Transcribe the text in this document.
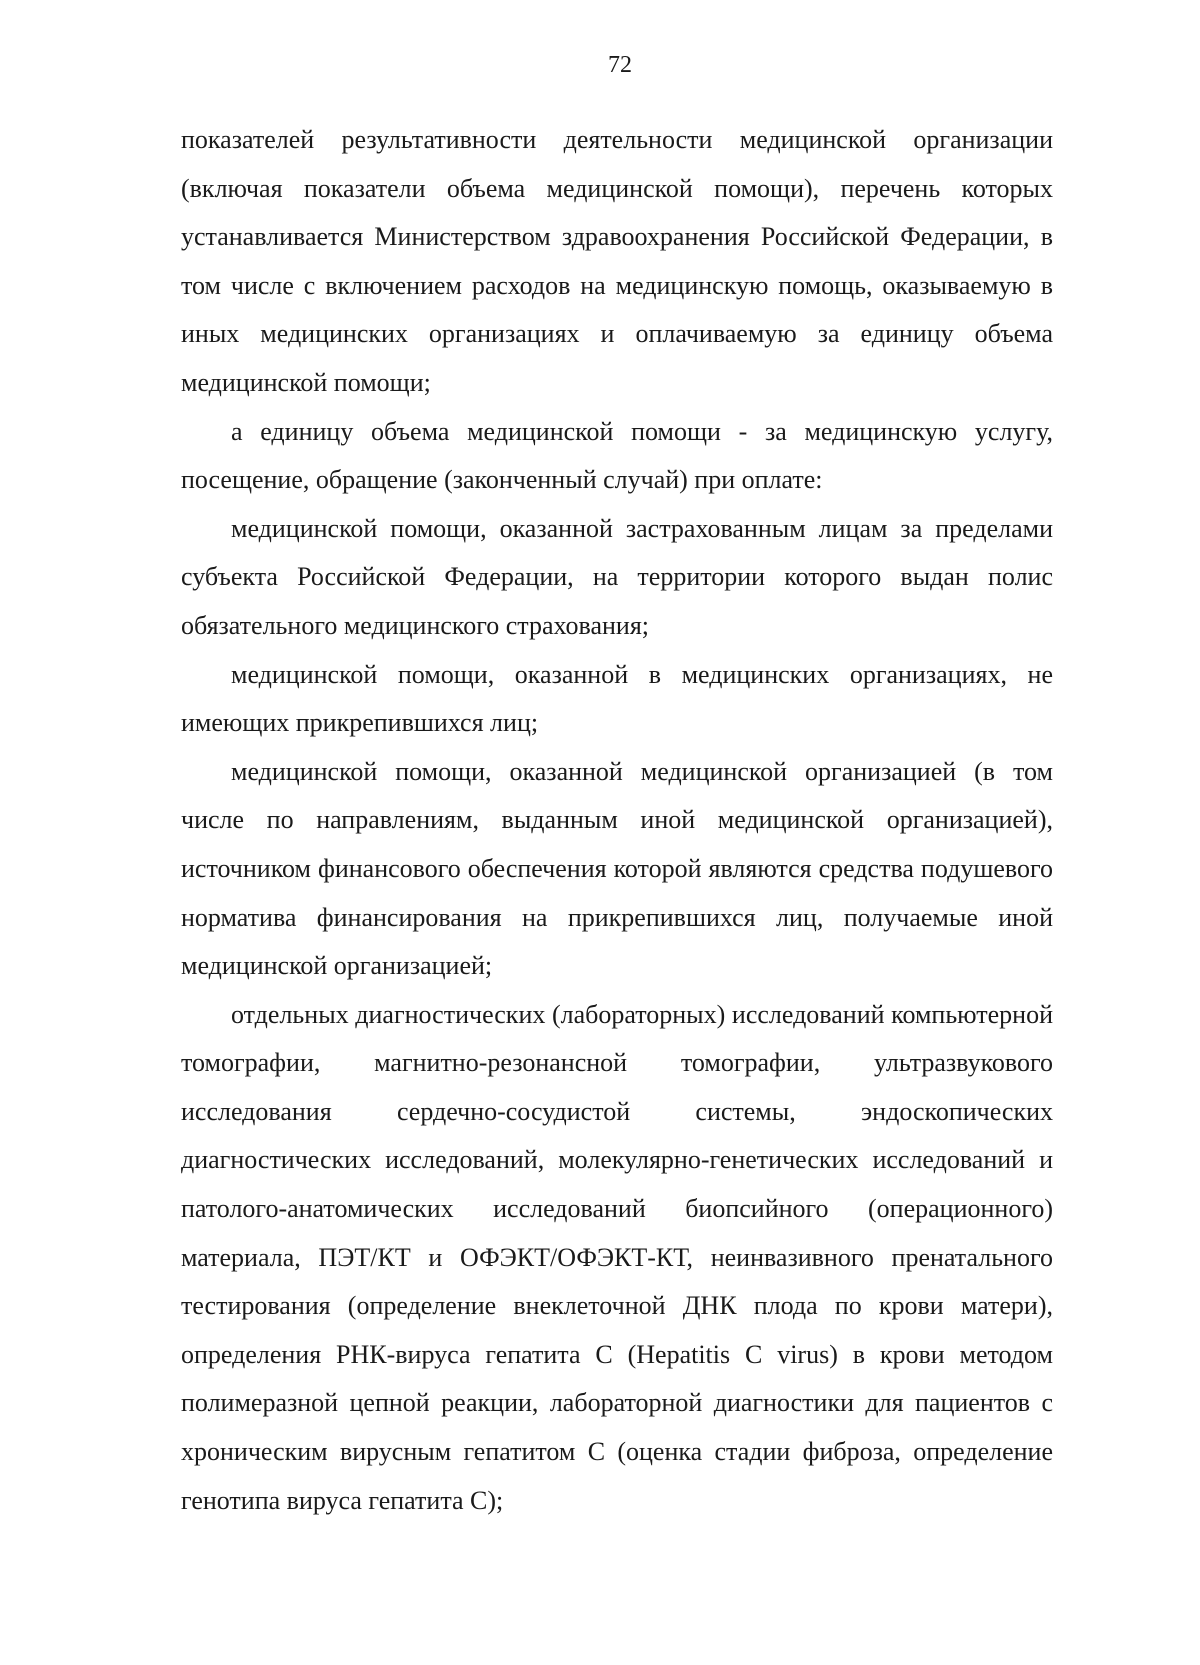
72

показателей результативности деятельности медицинской организации (включая показатели объема медицинской помощи), перечень которых устанавливается Министерством здравоохранения Российской Федерации, в том числе с включением расходов на медицинскую помощь, оказываемую в иных медицинских организациях и оплачиваемую за единицу объема медицинской помощи;

а единицу объема медицинской помощи - за медицинскую услугу, посещение, обращение (законченный случай) при оплате:

медицинской помощи, оказанной застрахованным лицам за пределами субъекта Российской Федерации, на территории которого выдан полис обязательного медицинского страхования;

медицинской помощи, оказанной в медицинских организациях, не имеющих прикрепившихся лиц;

медицинской помощи, оказанной медицинской организацией (в том числе по направлениям, выданным иной медицинской организацией), источником финансового обеспечения которой являются средства подушевого норматива финансирования на прикрепившихся лиц, получаемые иной медицинской организацией;

отдельных диагностических (лабораторных) исследований компьютерной томографии, магнитно-резонансной томографии, ультразвукового исследования сердечно-сосудистой системы, эндоскопических диагностических исследований, молекулярно-генетических исследований и патолого-анатомических исследований биопсийного (операционного) материала, ПЭТ/КТ и ОФЭКТ/ОФЭКТ-КТ, неинвазивного пренатального тестирования (определение внеклеточной ДНК плода по крови матери), определения РНК-вируса гепатита С (Hepatitis C virus) в крови методом полимеразной цепной реакции, лабораторной диагностики для пациентов с хроническим вирусным гепатитом С (оценка стадии фиброза, определение генотипа вируса гепатита С);
